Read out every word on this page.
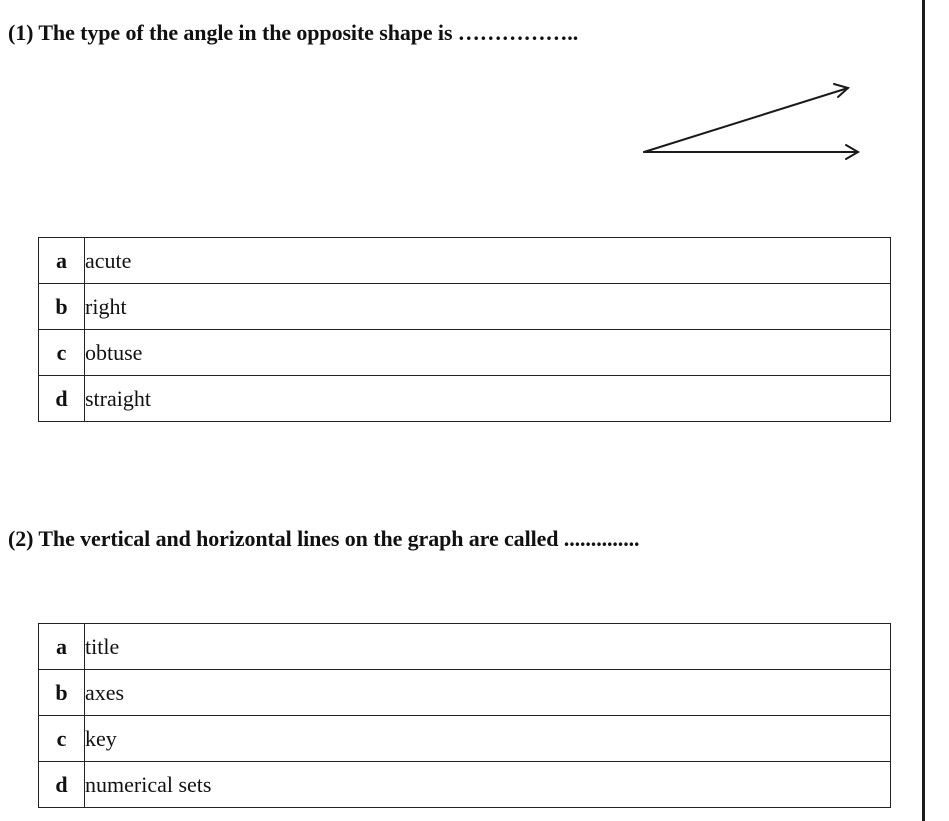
(1) The type of the angle in the opposite shape is ……………..
a	acute
b	right
c	obtuse
d	straight
(2) The vertical and horizontal lines on the graph are called ..............
a	title
b	axes
c	key
d	numerical sets
